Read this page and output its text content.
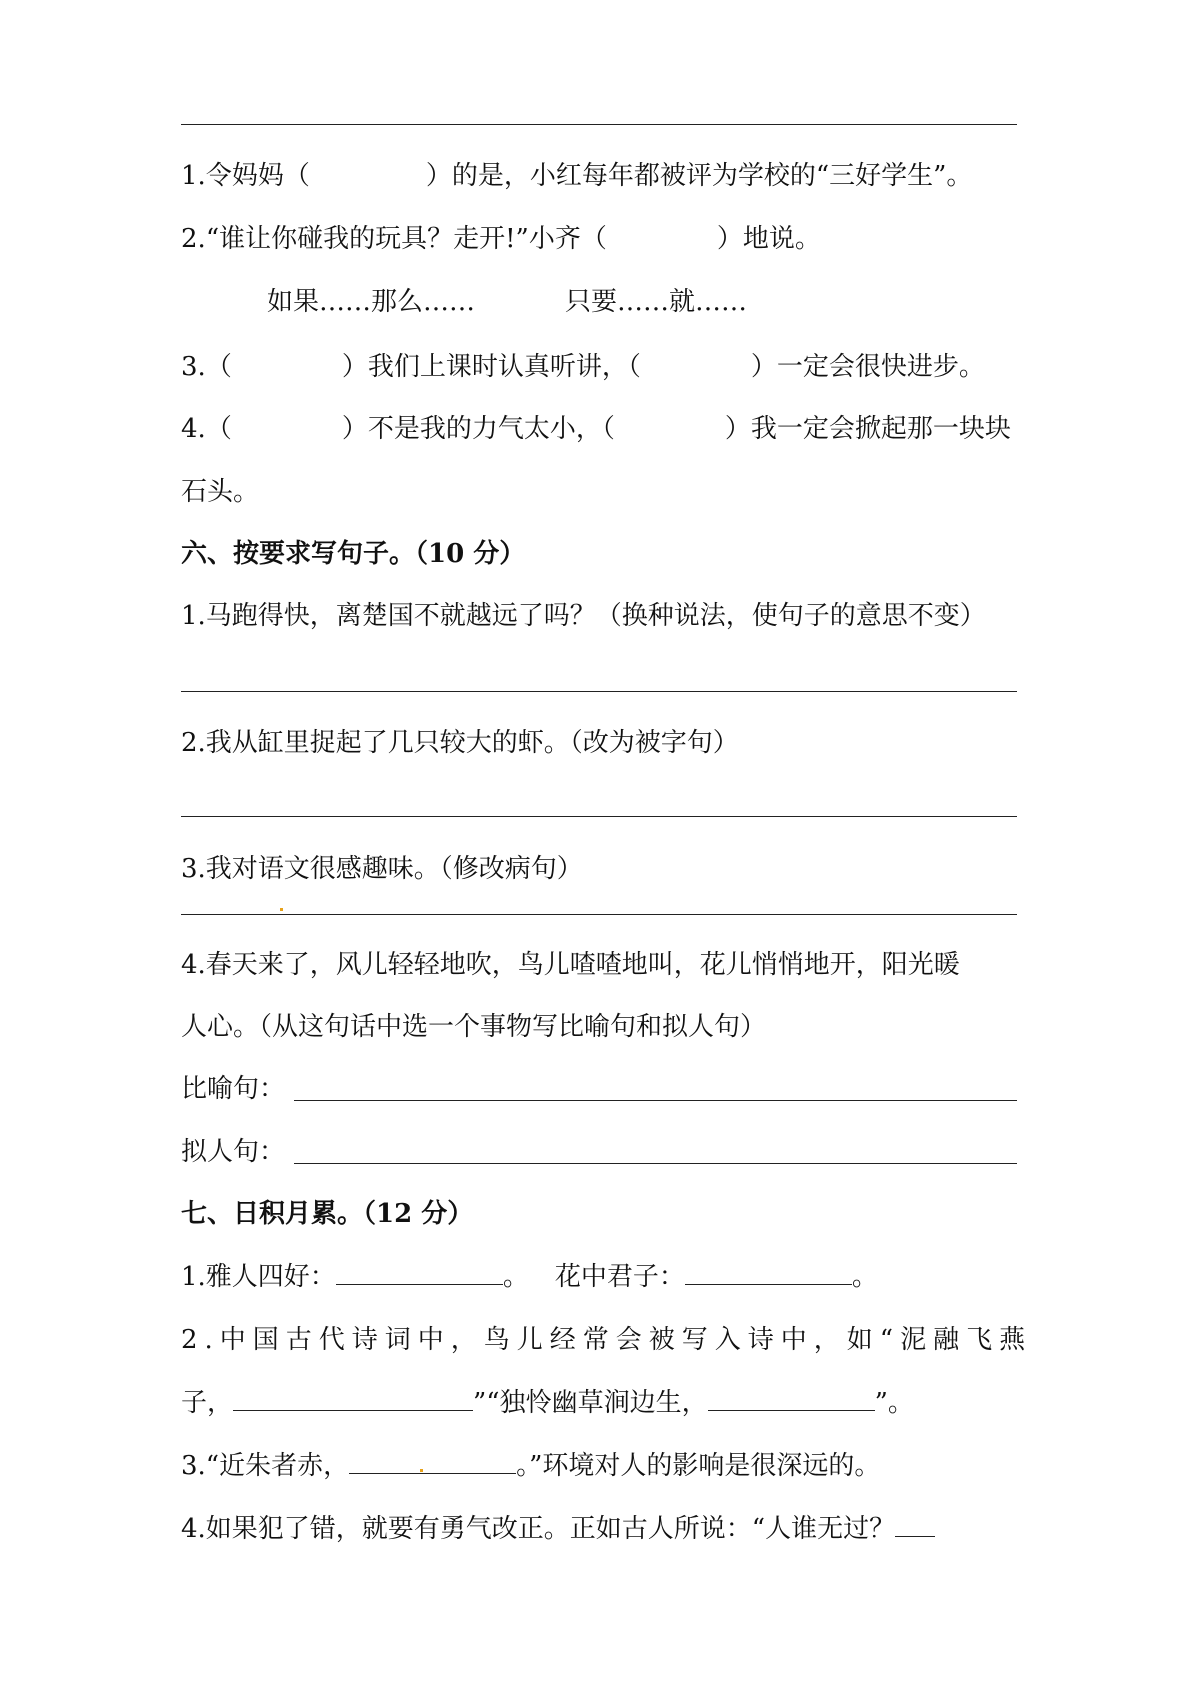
1.令妈妈（	）的是，小红每年都被评为学校的“三好学生”。
2.“谁让你碰我的玩具？走开!”小齐（	）地说。
如果……那么……	只要……就……
3.（	）我们上课时认真听讲，（	）一定会很快进步。
4.（	）不是我的力气太小，（	）我一定会掀起那一块块
石头。
六、按要求写句子。（10 分）
1.马跑得快，离楚国不就越远了吗？（换种说法，使句子的意思不变）
2.我从缸里捉起了几只较大的虾。（改为被字句）
3.我对语文很感趣味。（修改病句）
4.春天来了，风儿轻轻地吹，鸟儿喳喳地叫，花儿悄悄地开，阳光暖
人心。（从这句话中选一个事物写比喻句和拟人句）
比喻句：
拟人句：
七、日积月累。（12 分）
1.雅人四好：	。 花中君子：	。
2.中国古代诗词中，鸟儿经常会被写入诗中，如“泥融飞燕
子，	”“独怜幽草涧边生，	”。
3.“近朱者赤，	。”环境对人的影响是很深远的。
4.如果犯了错，就要有勇气改正。正如古人所说：“人谁无过？
